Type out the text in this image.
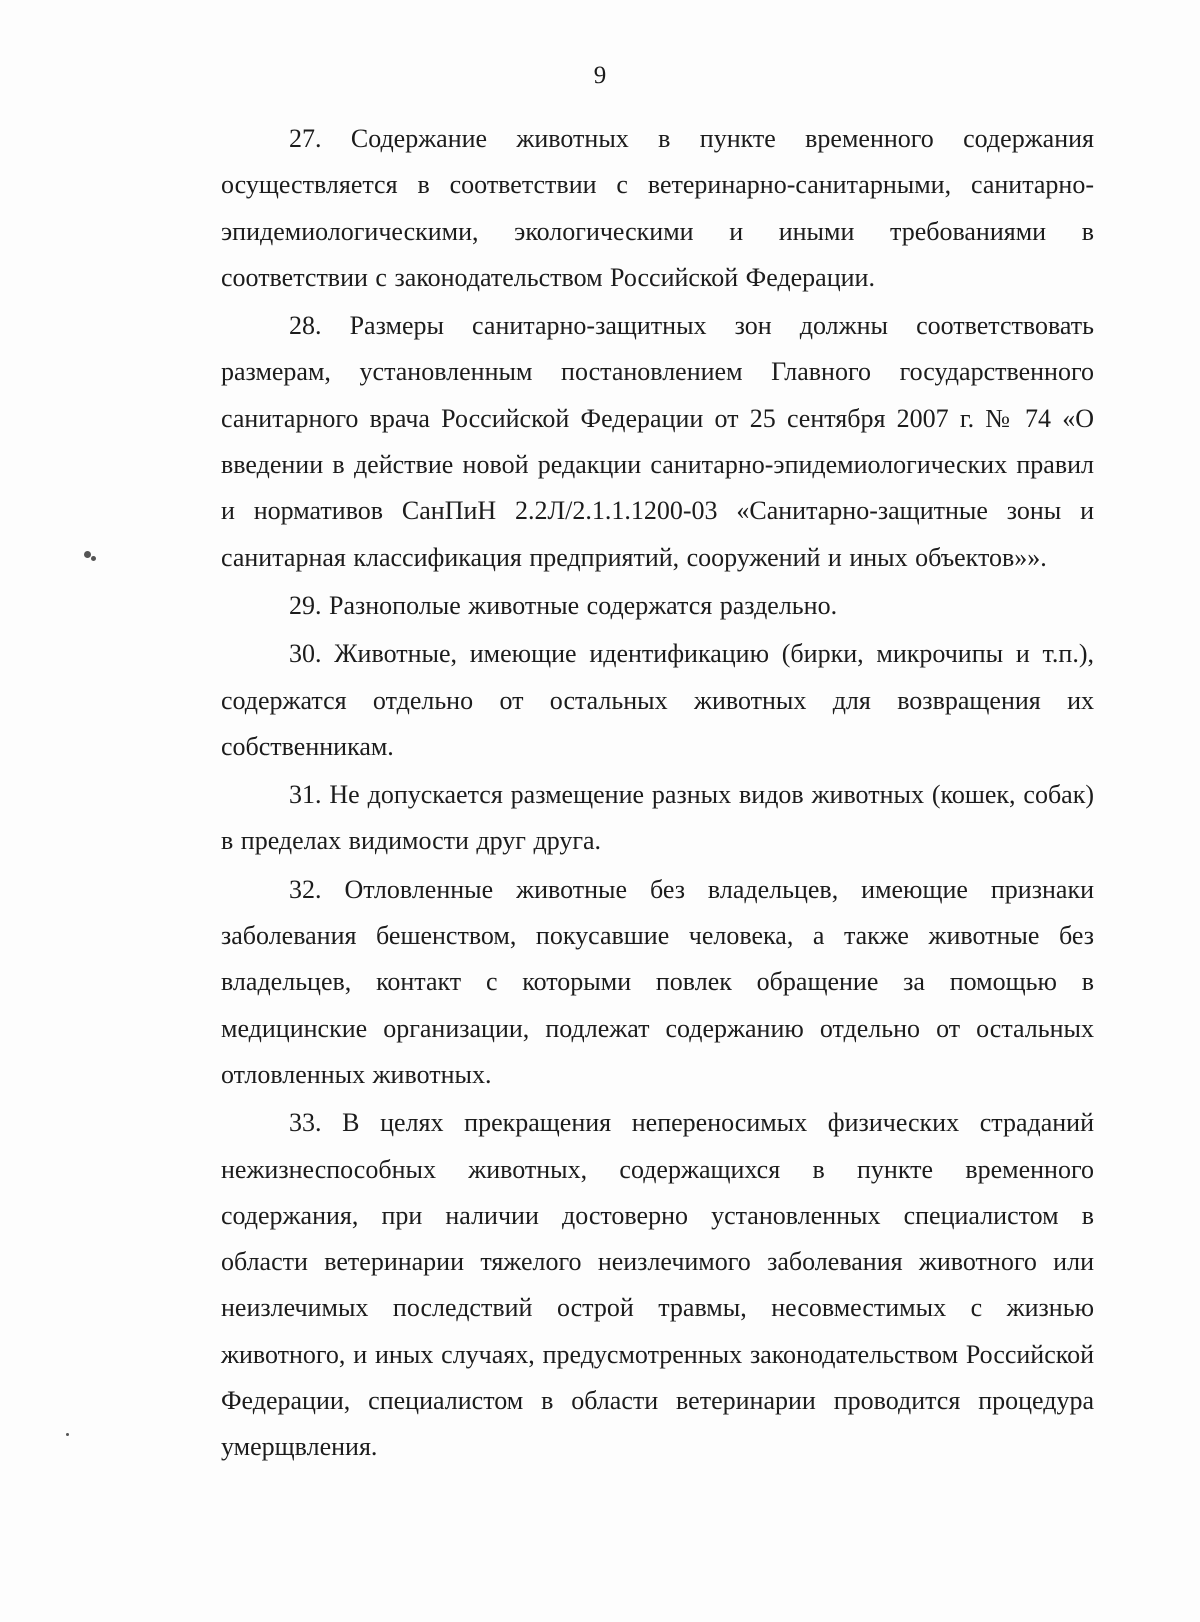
9

27. Содержание животных в пункте временного содержания осуществляется в соответствии с ветеринарно-санитарными, санитарно-эпидемиологическими, экологическими и иными требованиями в соответствии с законодательством Российской Федерации.

28. Размеры санитарно-защитных зон должны соответствовать размерам, установленным постановлением Главного государственного санитарного врача Российской Федерации от 25 сентября 2007 г. № 74 «О введении в действие новой редакции санитарно-эпидемиологических правил и нормативов СанПиН 2.2Л/2.1.1.1200-03 «Санитарно-защитные зоны и санитарная классификация предприятий, сооружений и иных объектов»».

29. Разнополые животные содержатся раздельно.

30. Животные, имеющие идентификацию (бирки, микрочипы и т.п.), содержатся отдельно от остальных животных для возвращения их собственникам.

31. Не допускается размещение разных видов животных (кошек, собак) в пределах видимости друг друга.

32. Отловленные животные без владельцев, имеющие признаки заболевания бешенством, покусавшие человека, а также животные без владельцев, контакт с которыми повлек обращение за помощью в медицинские организации, подлежат содержанию отдельно от остальных отловленных животных.

33. В целях прекращения непереносимых физических страданий нежизнеспособных животных, содержащихся в пункте временного содержания, при наличии достоверно установленных специалистом в области ветеринарии тяжелого неизлечимого заболевания животного или неизлечимых последствий острой травмы, несовместимых с жизнью животного, и иных случаях, предусмотренных законодательством Российской Федерации, специалистом в области ветеринарии проводится процедура умерщвления.
